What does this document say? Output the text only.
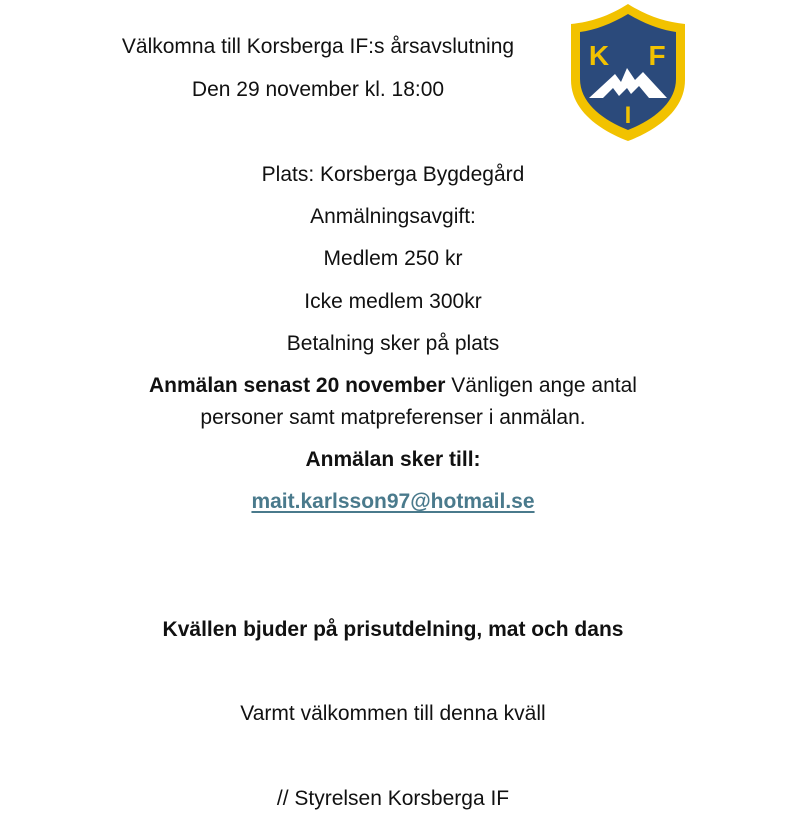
Välkomna till Korsberga IF:s årsavslutning
Den 29 november kl. 18:00
K F
I
Plats: Korsberga Bygdegård
Anmälningsavgift:
Medlem 250 kr
Icke medlem 300kr
Betalning sker på plats
Anmälan senast 20 november Vänligen ange antal
personer samt matpreferenser i anmälan.
Anmälan sker till:
mait.karlsson97@hotmail.se
Kvällen bjuder på prisutdelning, mat och dans
Varmt välkommen till denna kväll
// Styrelsen Korsberga IF
